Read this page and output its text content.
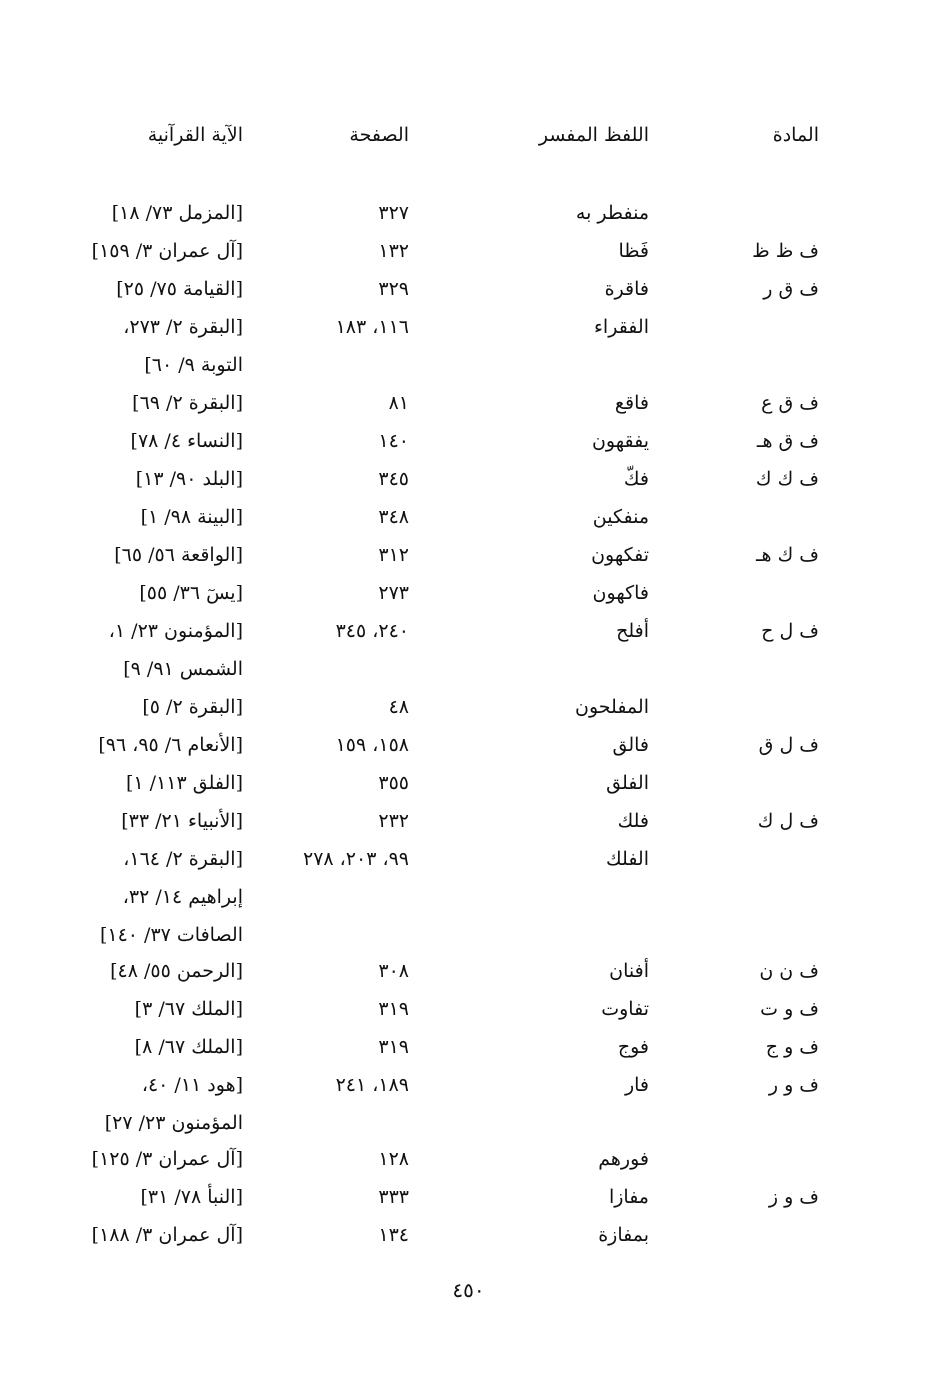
المادة
اللفظ المفسر
الصفحة
الآية القرآنية
منفطر به
٣٢٧
[المزمل ٧٣/ ١٨]
ف ظ ظ
فَظا
١٣٢
[آل عمران ٣/ ١٥٩]
ف ق ر
فاقرة
٣٢٩
[القيامة ٧٥/ ٢٥]
الفقراء
١١٦، ١٨٣
[البقرة ٢/ ٢٧٣،
التوبة ٩/ ٦٠]
ف ق ع
فاقع
٨١
[البقرة ٢/ ٦٩]
ف ق هـ
يفقهون
١٤٠
[النساء ٤/ ٧٨]
ف ك ك
فكّ
٣٤٥
[البلد ٩٠/ ١٣]
منفكين
٣٤٨
[البينة ٩٨/ ١]
ف ك هـ
تفكهون
٣١٢
[الواقعة ٥٦/ ٦٥]
فاكهون
٢٧٣
[يسٓ ٣٦/ ٥٥]
ف ل ح
أفلح
٢٤٠، ٣٤٥
[المؤمنون ٢٣/ ١،
الشمس ٩١/ ٩]
المفلحون
٤٨
[البقرة ٢/ ٥]
ف ل ق
فالق
١٥٨، ١٥٩
[الأنعام ٦/ ٩٥، ٩٦]
الفلق
٣٥٥
[الفلق ١١٣/ ١]
ف ل ك
فلك
٢٣٢
[الأنبياء ٢١/ ٣٣]
الفلك
٩٩، ٢٠٣، ٢٧٨
[البقرة ٢/ ١٦٤،
إبراهيم ١٤/ ٣٢،
الصافات ٣٧/ ١٤٠]
ف ن ن
أفنان
٣٠٨
[الرحمن ٥٥/ ٤٨]
ف و ت
تفاوت
٣١٩
[الملك ٦٧/ ٣]
ف و ج
فوج
٣١٩
[الملك ٦٧/ ٨]
ف و ر
فار
١٨٩، ٢٤١
[هود ١١/ ٤٠،
المؤمنون ٢٣/ ٢٧]
فورهم
١٢٨
[آل عمران ٣/ ١٢٥]
ف و ز
مفازا
٣٣٣
[النبأ ٧٨/ ٣١]
بمفازة
١٣٤
[آل عمران ٣/ ١٨٨]
٤٥٠
